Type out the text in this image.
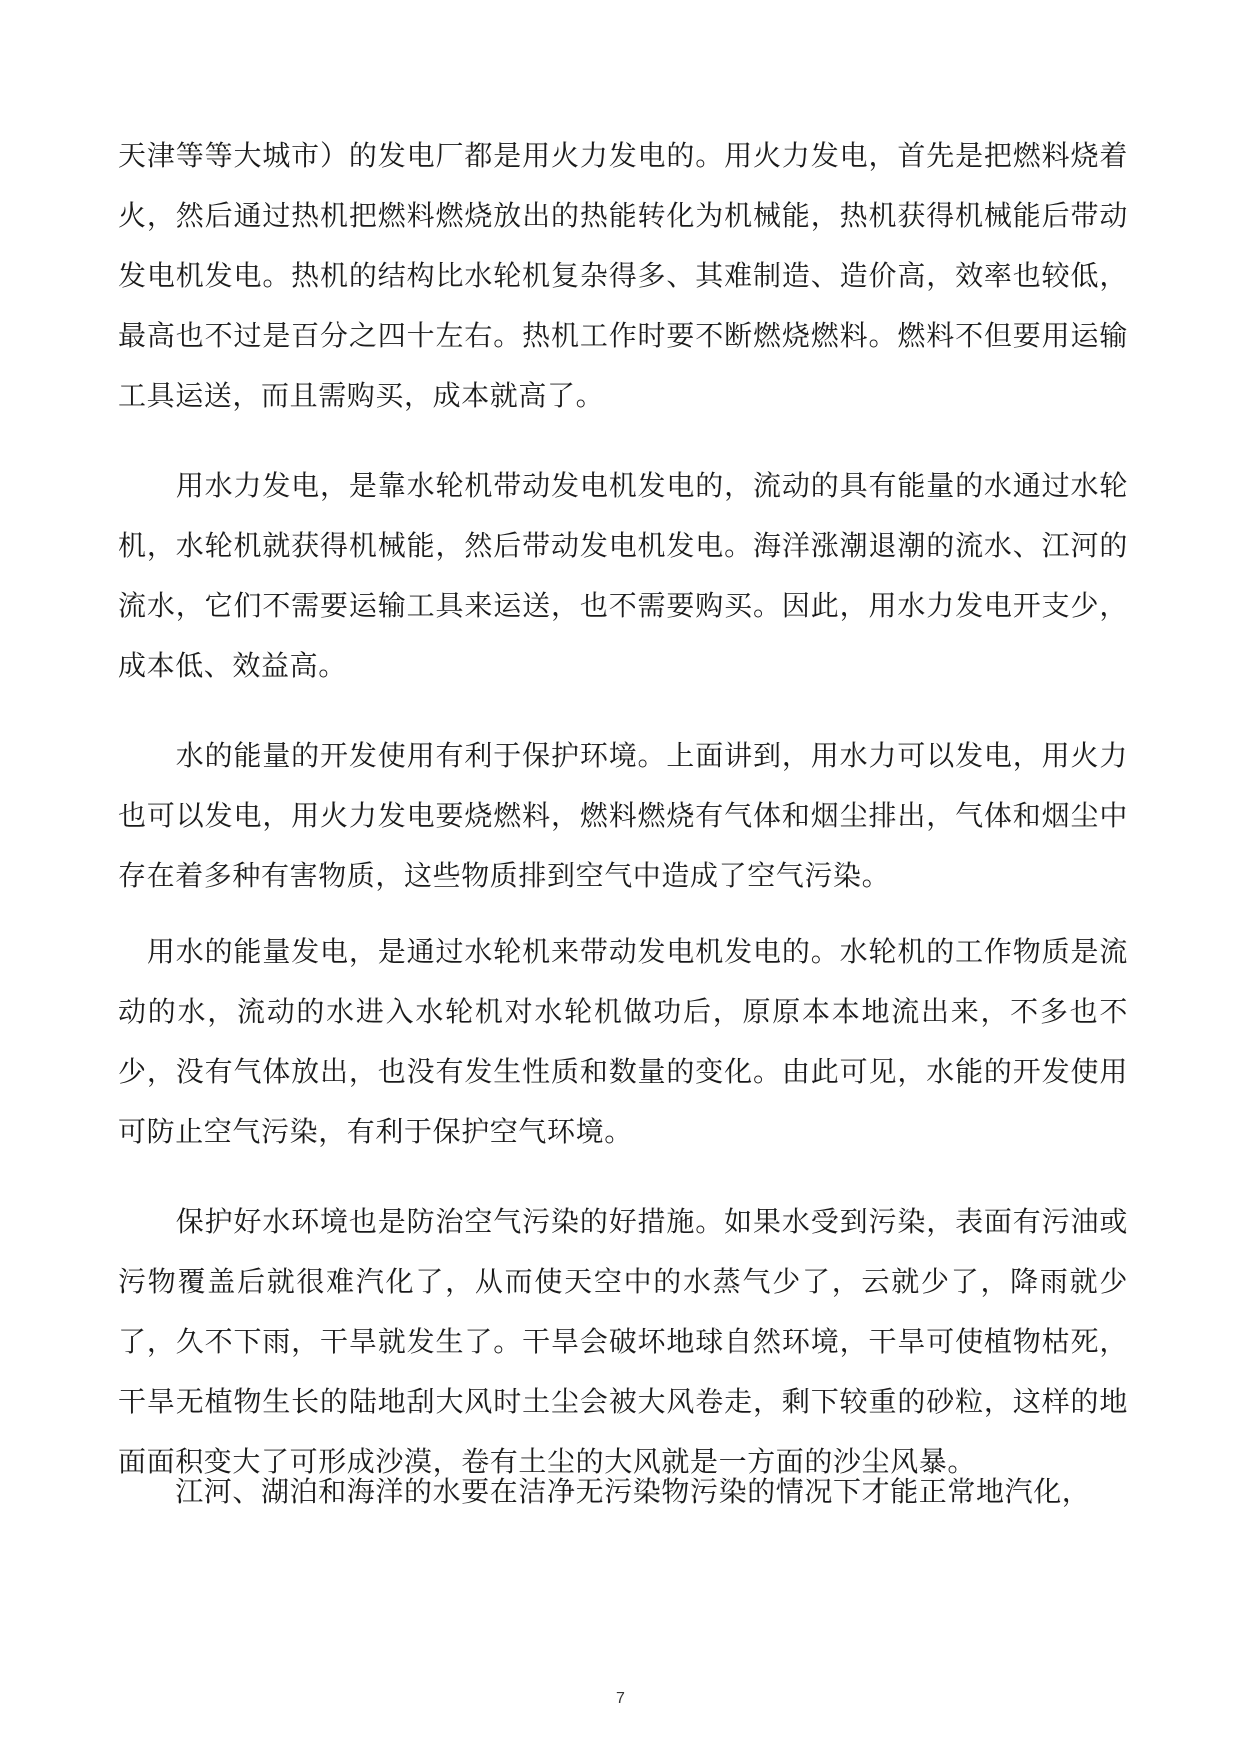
天津等等大城市）的发电厂都是用火力发电的。用火力发电，首先是把燃料烧着火，然后通过热机把燃料燃烧放出的热能转化为机械能，热机获得机械能后带动发电机发电。热机的结构比水轮机复杂得多、其难制造、造价高，效率也较低，最高也不过是百分之四十左右。热机工作时要不断燃烧燃料。燃料不但要用运输工具运送，而且需购买，成本就高了。

　　用水力发电，是靠水轮机带动发电机发电的，流动的具有能量的水通过水轮机，水轮机就获得机械能，然后带动发电机发电。海洋涨潮退潮的流水、江河的流水，它们不需要运输工具来运送，也不需要购买。因此，用水力发电开支少，成本低、效益高。

　　水的能量的开发使用有利于保护环境。上面讲到，用水力可以发电，用火力也可以发电，用火力发电要烧燃料，燃料燃烧有气体和烟尘排出，气体和烟尘中存在着多种有害物质，这些物质排到空气中造成了空气污染。

　用水的能量发电，是通过水轮机来带动发电机发电的。水轮机的工作物质是流动的水，流动的水进入水轮机对水轮机做功后，原原本本地流出来，不多也不少，没有气体放出，也没有发生性质和数量的变化。由此可见，水能的开发使用可防止空气污染，有利于保护空气环境。

　　保护好水环境也是防治空气污染的好措施。如果水受到污染，表面有污油或污物覆盖后就很难汽化了，从而使天空中的水蒸气少了，云就少了，降雨就少了，久不下雨，干旱就发生了。干旱会破坏地球自然环境，干旱可使植物枯死，干旱无植物生长的陆地刮大风时土尘会被大风卷走，剩下较重的砂粒，这样的地面面积变大了可形成沙漠，卷有土尘的大风就是一方面的沙尘风暴。

　　江河、湖泊和海洋的水要在洁净无污染物污染的情况下才能正常地汽化，

7
